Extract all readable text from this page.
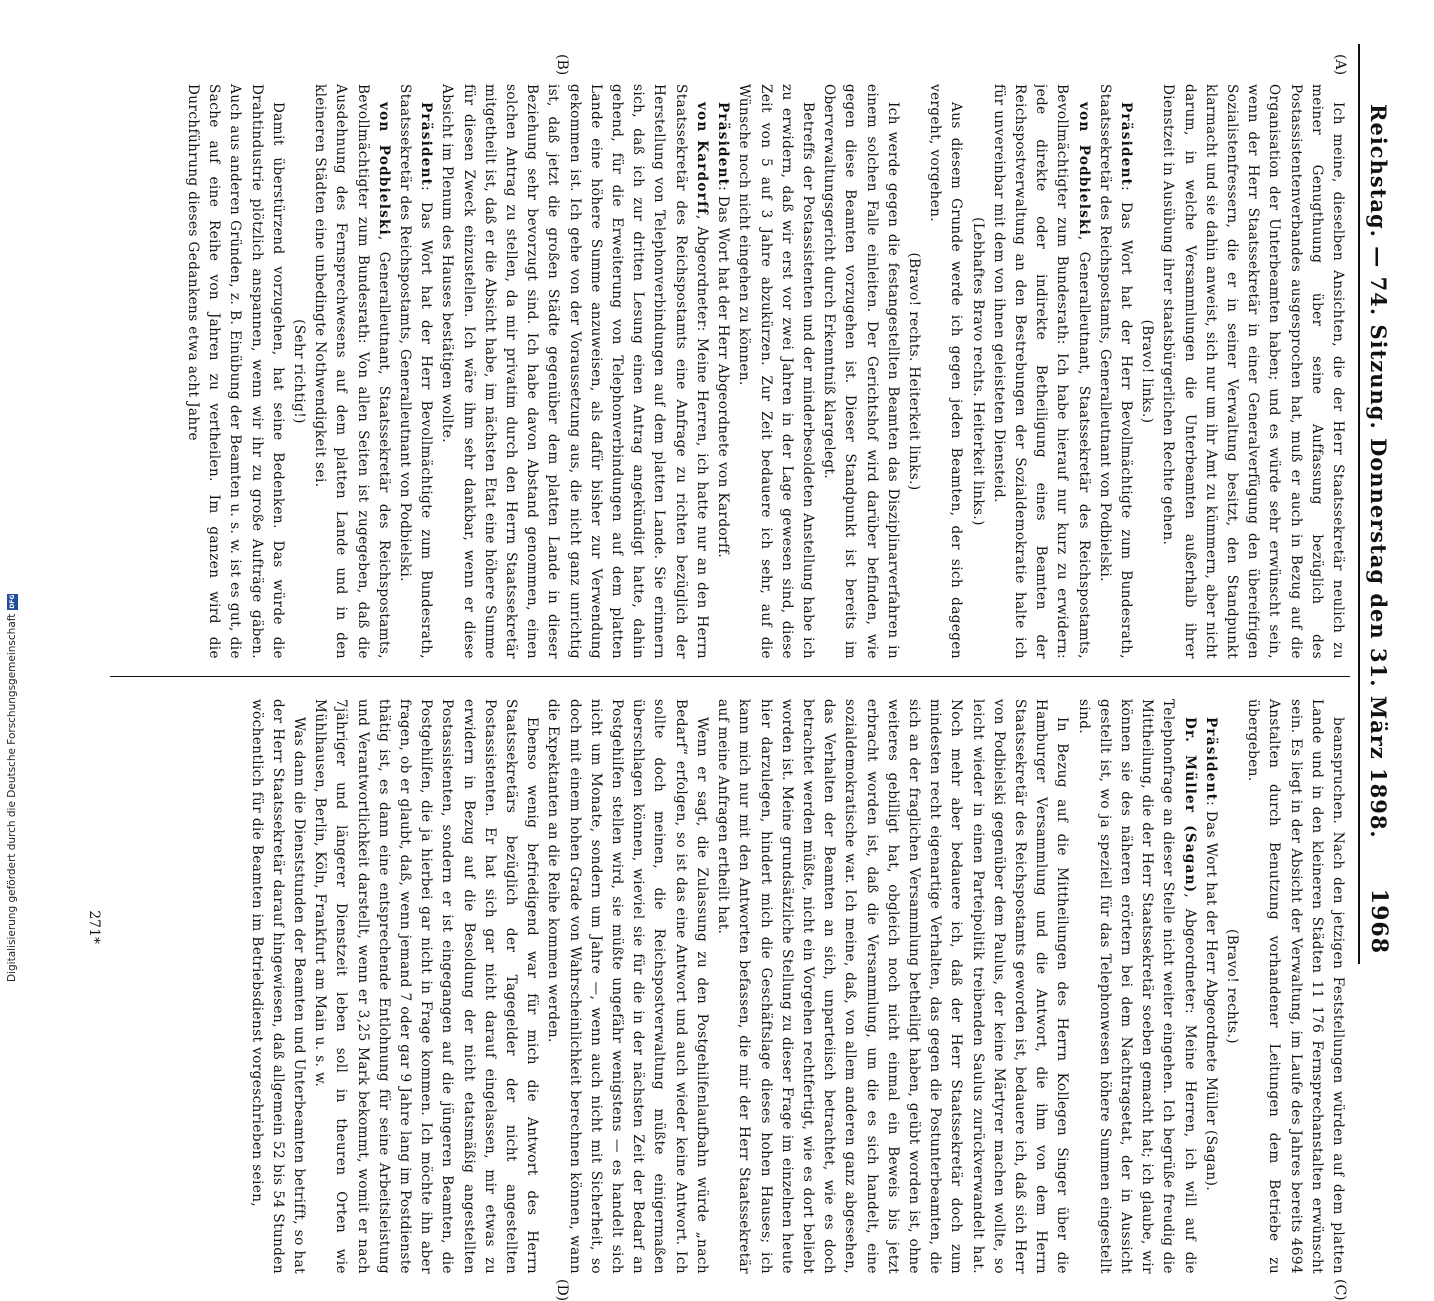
Digitalisierung gefördert durch die Deutsche Forschungsgemeinschaft
DFG	Reichstag. — 74. Sitzung. Donnerstag den 31. März 1898.
1968
(A)
(B)
(C)
(D)

Ich meine, dieselben Ansichten, die der Herr Staatssekretär neulich zu meiner Genugthuung über seine Auffassung bezüglich des Postassistentenverbandes ausgesprochen hat, muß er auch in Bezug auf die Organisation der Unterbeamten haben; und es würde sehr erwünscht sein, wenn der Herr Staatssekretär in einer Generalverfügung den übereifrigen Sozialistenfressern, die er in seiner Verwaltung besitzt, den Standpunkt klarmacht und sie dahin anweist, sich nur um ihr Amt zu kümmern, aber nicht darum, in welche Versammlungen die Unterbeamten außerhalb ihrer Dienstzeit in Ausübung ihrer staatsbürgerlichen Rechte gehen.

(Bravo! links.)

Präsident: Das Wort hat der Herr Bevollmächtigte zum Bundesrath, Staatssekretär des Reichspostamts, Generalleutnant von Podbielski.

von Podbielski, Generalleutnant, Staatssekretär des Reichspostamts, Bevollmächtigter zum Bundesrath: Ich habe hierauf nur kurz zu erwidern: jede direkte oder indirekte Betheiligung eines Beamten der Reichspostverwaltung an den Bestrebungen der Sozialdemokratie halte ich für unvereinbar mit dem von ihnen geleisteten Diensteid.

(Lebhaftes Bravo rechts. Heiterkeit links.)

Aus diesem Grunde werde ich gegen jeden Beamten, der sich dagegen vergeht, vorgehen.

(Bravo! rechts. Heiterkeit links.)

Ich werde gegen die festangestellten Beamten das Disziplinarverfahren in einem solchen Falle einleiten. Der Gerichtshof wird darüber befinden, wie gegen diese Beamten vorzugehen ist. Dieser Standpunkt ist bereits im Oberverwaltungsgericht durch Erkenntniß klargelegt.

Betreffs der Postassistenten und der minderbesoldeten Anstellung habe ich zu erwidern, daß wir erst vor zwei Jahren in der Lage gewesen sind, diese Zeit von 5 auf 3 Jahre abzukürzen. Zur Zeit bedauere ich sehr, auf die Wünsche noch nicht eingehen zu können.

Präsident: Das Wort hat der Herr Abgeordnete von Kardorff.

von Kardorff, Abgeordneter: Meine Herren, ich hatte nur an den Herrn Staatssekretär des Reichspostamts eine Anfrage zu richten bezüglich der Herstellung von Telephonverbindungen auf dem platten Lande. Sie erinnern sich, daß ich zur dritten Lesung einen Antrag angekündigt hatte, dahin gehend, für die Erweiterung von Telephonverbindungen auf dem platten Lande eine höhere Summe anzuweisen, als dafür bisher zur Verwendung gekommen ist. Ich gehe von der Voraussetzung aus, die nicht ganz unrichtig ist, daß jetzt die großen Städte gegenüber dem platten Lande in dieser Beziehung sehr bevorzugt sind. Ich habe davon Abstand genommen, einen solchen Antrag zu stellen, da mir privatim durch den Herrn Staatssekretär mitgetheilt ist, daß er die Absicht habe, im nächsten Etat eine höhere Summe für diesen Zweck einzustellen. Ich wäre ihm sehr dankbar, wenn er diese Absicht im Plenum des Hauses bestätigen wollte.

Präsident: Das Wort hat der Herr Bevollmächtigte zum Bundesrath, Staatssekretär des Reichspostamts, Generalleutnant von Podbielski.

von Podbielski, Generalleutnant, Staatssekretär des Reichspostamts, Bevollmächtigter zum Bundesrath: Von allen Seiten ist zugegeben, daß die Ausdehnung des Fernsprechwesens auf dem platten Lande und in den kleineren Städten eine unbedingte Nothwendigkeit sei.

(Sehr richtig!)

Damit überstürzend vorzugehen, hat seine Bedenken. Das würde die Drahtindustrie plötzlich anspannen, wenn wir ihr zu große Aufträge gäben. Auch aus anderen Gründen, z. B. Einübung der Beamten u. s. w. ist es gut, die Sache auf eine Reihe von Jahren zu vertheilen. Im ganzen wird die Durchführung dieses Gedankens etwa acht Jahre

beanspruchen. Nach den jetzigen Feststellungen würden auf dem platten Lande und in den kleineren Städten 11 176 Fernsprechanstalten erwünscht sein. Es liegt in der Absicht der Verwaltung, im Laufe des Jahres bereits 4694 Anstalten durch Benutzung vorhandener Leitungen dem Betriebe zu übergeben.

(Bravo! rechts.)

Präsident: Das Wort hat der Herr Abgeordnete Müller (Sagan).

Dr. Müller (Sagan), Abgeordneter: Meine Herren, ich will auf die Telephonfrage an dieser Stelle nicht weiter eingehen. Ich begrüße freudig die Mittheilung, die der Herr Staatssekretär soeben gemacht hat; ich glaube, wir können sie des näheren erörtern bei dem Nachtragsetat, der in Aussicht gestellt ist, wo ja speziell für das Telephonwesen höhere Summen eingestellt sind.

In Bezug auf die Mittheilungen des Herrn Kollegen Singer über die Hamburger Versammlung und die Antwort, die ihm von dem Herrn Staatssekretär des Reichspostamts geworden ist, bedauere ich, daß sich Herr von Podbielski gegenüber dem Paulus, der keine Märtyrer machen wollte, so leicht wieder in einen Parteipolitik treibenden Saulus zurückverwandelt hat. Noch mehr aber bedauere ich, daß der Herr Staatssekretär doch zum mindesten recht eigenartige Verhalten, das gegen die Postunterbeamten, die sich an der fraglichen Versammlung betheiligt haben, geübt worden ist, ohne weiteres gebilligt hat, obgleich noch nicht einmal ein Beweis bis jetzt erbracht worden ist, daß die Versammlung, um die es sich handelt, eine sozialdemokratische war. Ich meine, daß, von allem anderen ganz abgesehen, das Verhalten der Beamten an sich, unparteiisch betrachtet, wie es doch betrachtet werden müßte, nicht ein Vorgehen rechtfertigt, wie es dort beliebt worden ist. Meine grundsätzliche Stellung zu dieser Frage im einzelnen heute hier darzulegen, hindert mich die Geschäftslage dieses hohen Hauses; ich kann mich nur mit den Antworten befassen, die mir der Herr Staatssekretär auf meine Anfragen ertheilt hat.

Wenn er sagt, die Zulassung zu den Postgehilfenlaufbahn würde „nach Bedarf“ erfolgen, so ist das eine Antwort und auch wieder keine Antwort. Ich sollte doch meinen, die Reichspostverwaltung müßte einigermaßen überschlagen können, wieviel sie für die in der nächsten Zeit der Bedarf an Postgehilfen stellen wird, sie müßte ungefähr wenigstens — es handelt sich nicht um Monate, sondern um Jahre —, wenn auch nicht mit Sicherheit, so doch mit einem hohen Grade von Wahrscheinlichkeit berechnen können, wann die Expektanten an die Reihe kommen werden.

Ebenso wenig befriedigend war für mich die Antwort des Herrn Staatssekretärs bezüglich der Tagegelder der nicht angestellten Postassistenten. Er hat sich gar nicht darauf eingelassen, mir etwas zu erwidern in Bezug auf die Besoldung der nicht etatsmäßig angestellten Postassistenten, sondern er ist eingegangen auf die jüngeren Beamten, die Postgehilfen, die ja hierbei gar nicht in Frage kommen. Ich möchte ihn aber fragen, ob er glaubt, daß, wenn jemand 7 oder gar 9 Jahre lang im Postdienste thätig ist, es dann eine entsprechende Entlohnung für seine Arbeitsleistung und Verantwortlichkeit darstellt, wenn er 3,25 Mark bekommt, womit er nach 7jähriger und längerer Dienstzeit leben soll in theuren Orten wie Mühlhausen, Berlin, Köln, Frankfurt am Main u. s. w.

Was dann die Dienststunden der Beamten und Unterbeamten betrifft, so hat der Herr Staatssekretär darauf hingewiesen, daß allgemein 52 bis 54 Stunden wöchentlich für die Beamten im Betriebsdienst vorgeschrieben seien,

271*
